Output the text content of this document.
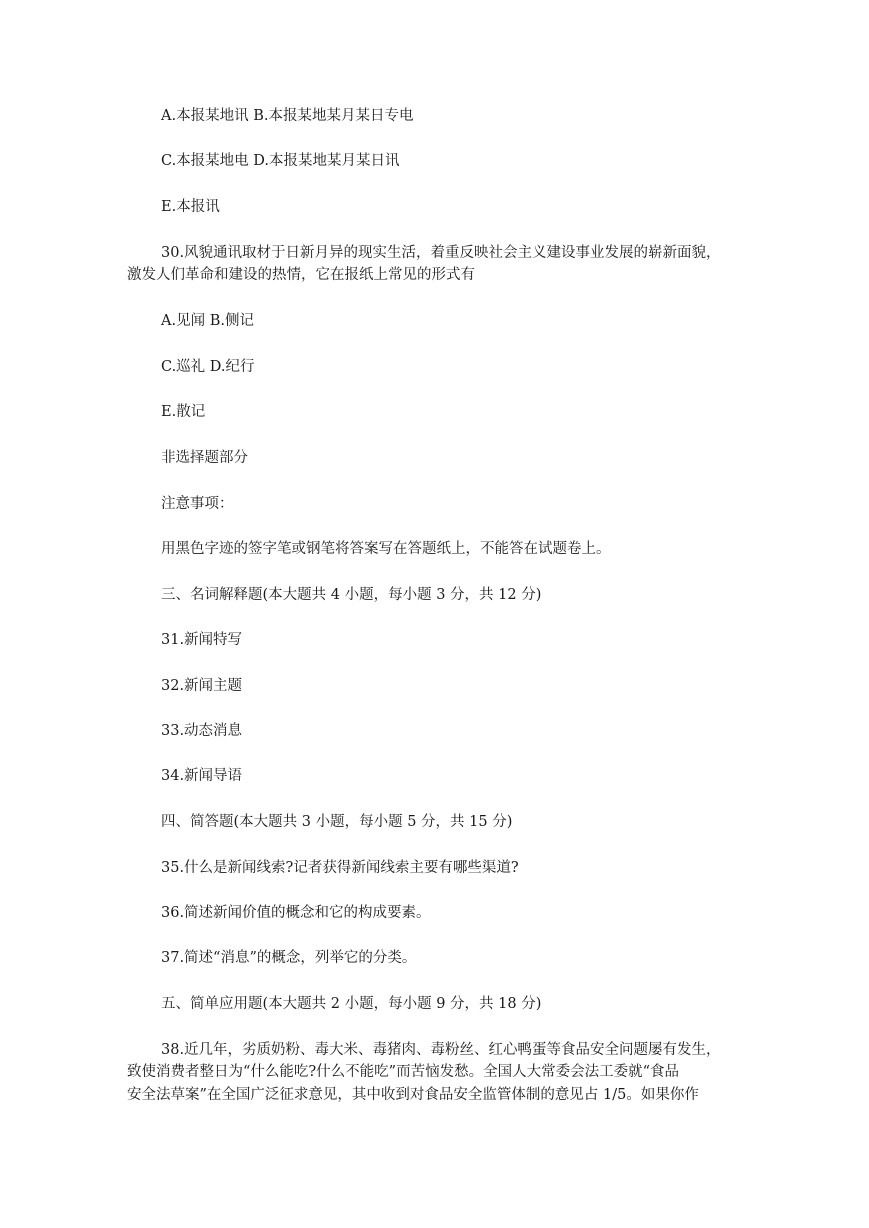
A.本报某地讯 B.本报某地某月某日专电
C.本报某地电 D.本报某地某月某日讯
E.本报讯
30.风貌通讯取材于日新月异的现实生活，着重反映社会主义建设事业发展的崭新面貌，
激发人们革命和建设的热情，它在报纸上常见的形式有
A.见闻 B.侧记
C.巡礼 D.纪行
E.散记
非选择题部分
注意事项：
用黑色字迹的签字笔或钢笔将答案写在答题纸上，不能答在试题卷上。
三、名词解释题(本大题共 4 小题，每小题 3 分，共 12 分)
31.新闻特写
32.新闻主题
33.动态消息
34.新闻导语
四、简答题(本大题共 3 小题，每小题 5 分，共 15 分)
35.什么是新闻线索?记者获得新闻线索主要有哪些渠道?
36.简述新闻价值的概念和它的构成要素。
37.简述“消息”的概念，列举它的分类。
五、简单应用题(本大题共 2 小题，每小题 9 分，共 18 分)
38.近几年，劣质奶粉、毒大米、毒猪肉、毒粉丝、红心鸭蛋等食品安全问题屡有发生，
致使消费者整日为“什么能吃?什么不能吃”而苦恼发愁。全国人大常委会法工委就“食品
安全法草案”在全国广泛征求意见，其中收到对食品安全监管体制的意见占 1/5。如果你作
